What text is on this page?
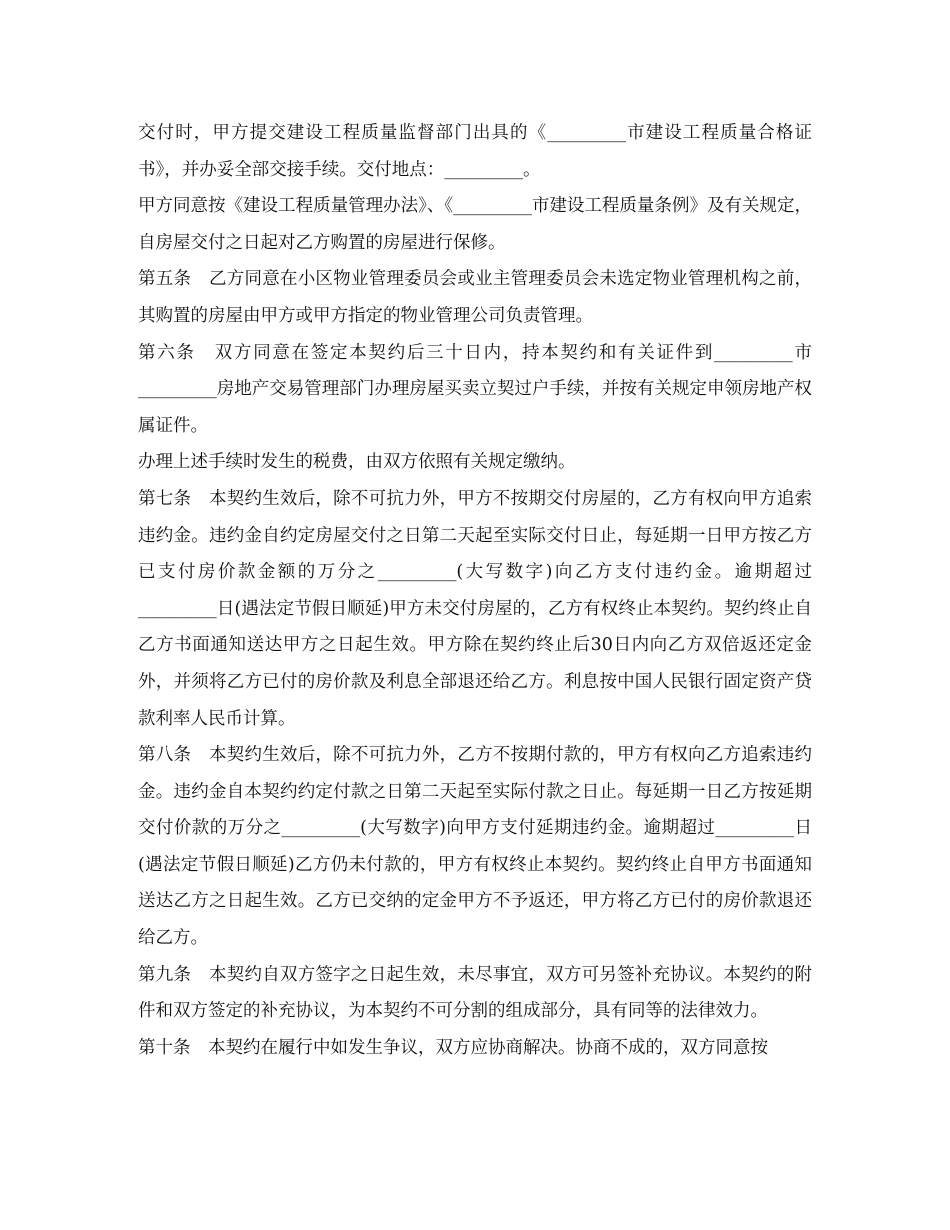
交付时，甲方提交建设工程质量监督部门出具的《_________市建设工程质量合格证书》，并办妥全部交接手续。交付地点：_________。

甲方同意按《建设工程质量管理办法》、《_________市建设工程质量条例》及有关规定，自房屋交付之日起对乙方购置的房屋进行保修。

第五条　乙方同意在小区物业管理委员会或业主管理委员会未选定物业管理机构之前，其购置的房屋由甲方或甲方指定的物业管理公司负责管理。

第六条　双方同意在签定本契约后三十日内，持本契约和有关证件到_________市_________房地产交易管理部门办理房屋买卖立契过户手续，并按有关规定申领房地产权属证件。

办理上述手续时发生的税费，由双方依照有关规定缴纳。

第七条　本契约生效后，除不可抗力外，甲方不按期交付房屋的，乙方有权向甲方追索违约金。违约金自约定房屋交付之日第二天起至实际交付日止，每延期一日甲方按乙方已支付房价款金额的万分之_________(大写数字)向乙方支付违约金。逾期超过_________日(遇法定节假日顺延)甲方未交付房屋的，乙方有权终止本契约。契约终止自乙方书面通知送达甲方之日起生效。甲方除在契约终止后30日内向乙方双倍返还定金外，并须将乙方已付的房价款及利息全部退还给乙方。利息按中国人民银行固定资产贷款利率人民币计算。

第八条　本契约生效后，除不可抗力外，乙方不按期付款的，甲方有权向乙方追索违约金。违约金自本契约约定付款之日第二天起至实际付款之日止。每延期一日乙方按延期交付价款的万分之_________(大写数字)向甲方支付延期违约金。逾期超过_________日(遇法定节假日顺延)乙方仍未付款的，甲方有权终止本契约。契约终止自甲方书面通知送达乙方之日起生效。乙方已交纳的定金甲方不予返还，甲方将乙方已付的房价款退还给乙方。

第九条　本契约自双方签字之日起生效，未尽事宜，双方可另签补充协议。本契约的附件和双方签定的补充协议，为本契约不可分割的组成部分，具有同等的法律效力。

第十条　本契约在履行中如发生争议，双方应协商解决。协商不成的，双方同意按
